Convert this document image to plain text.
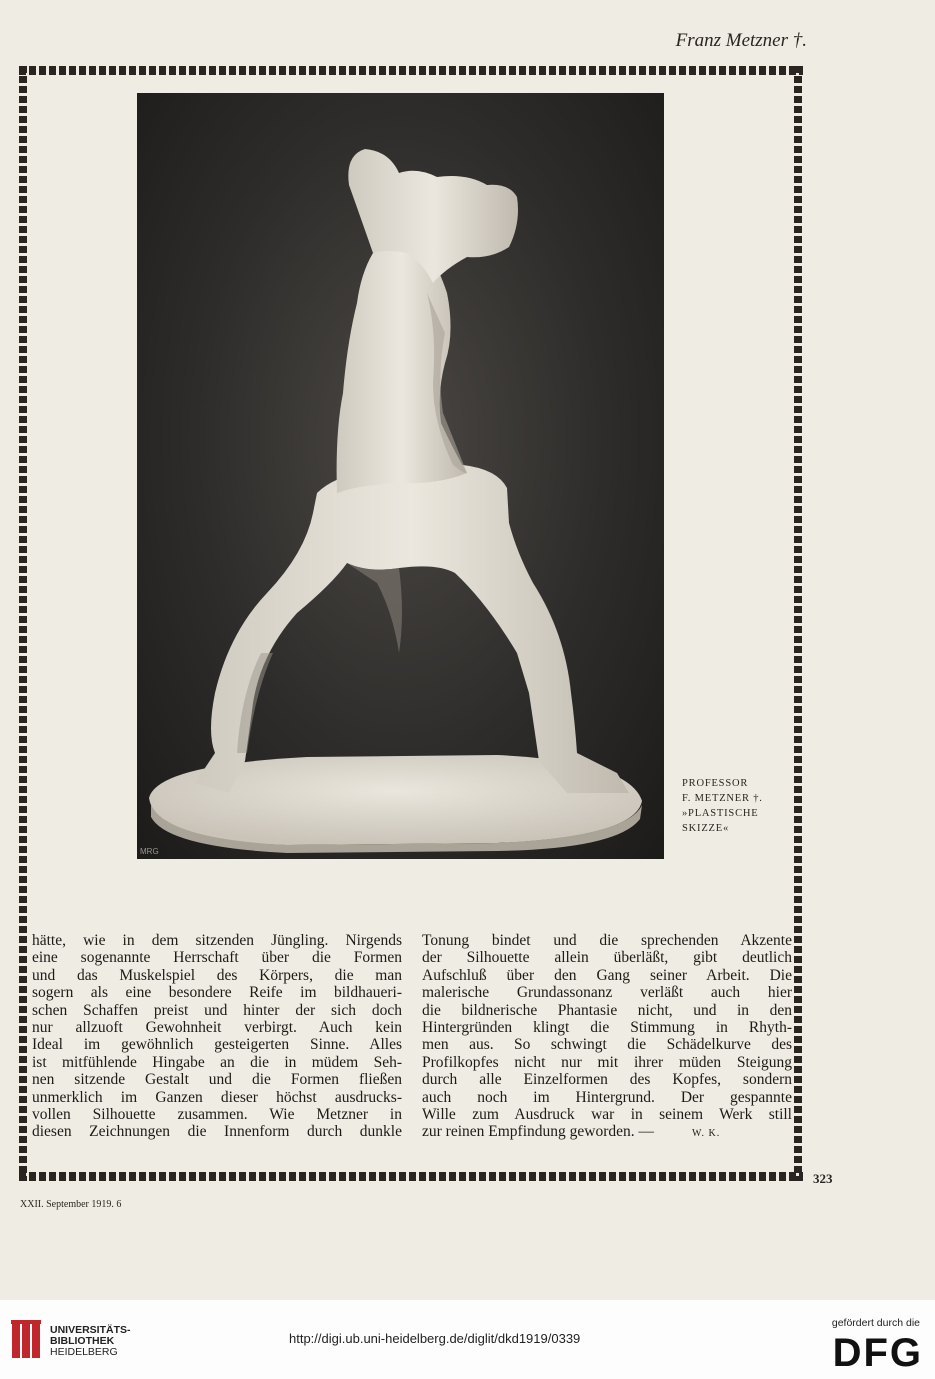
Franz Metzner †.
MRG
PROFESSOR
F. METZNER †.
»PLASTISCHE
SKIZZE«
hätte, wie in dem sitzenden Jüngling. Nirgends
eine sogenannte Herrschaft über die Formen
und das Muskelspiel des Körpers, die man
sogern als eine besondere Reife im bildhaueri-
schen Schaffen preist und hinter der sich doch
nur allzuoft Gewohnheit verbirgt. Auch kein
Ideal im gewöhnlich gesteigerten Sinne. Alles
ist mitfühlende Hingabe an die in müdem Seh-
nen sitzende Gestalt und die Formen fließen
unmerklich im Ganzen dieser höchst ausdrucks-
vollen Silhouette zusammen. Wie Metzner in
diesen Zeichnungen die Innenform durch dunkle
Tonung bindet und die sprechenden Akzente
der Silhouette allein überläßt, gibt deutlich
Aufschluß über den Gang seiner Arbeit. Die
malerische Grundassonanz verläßt auch hier
die bildnerische Phantasie nicht, und in den
Hintergründen klingt die Stimmung in Rhyth-
men aus. So schwingt die Schädelkurve des
Profilkopfes nicht nur mit ihrer müden Steigung
durch alle Einzelformen des Kopfes, sondern
auch noch im Hintergrund. Der gespannte
Wille zum Ausdruck war in seinem Werk still
zur reinen Empfindung geworden. —	W. K.
323
XXII. September 1919. 6
UNIVERSITÄTS-
BIBLIOTHEK
HEIDELBERG
http://digi.ub.uni-heidelberg.de/diglit/dkd1919/0339
gefördert durch die
DFG
